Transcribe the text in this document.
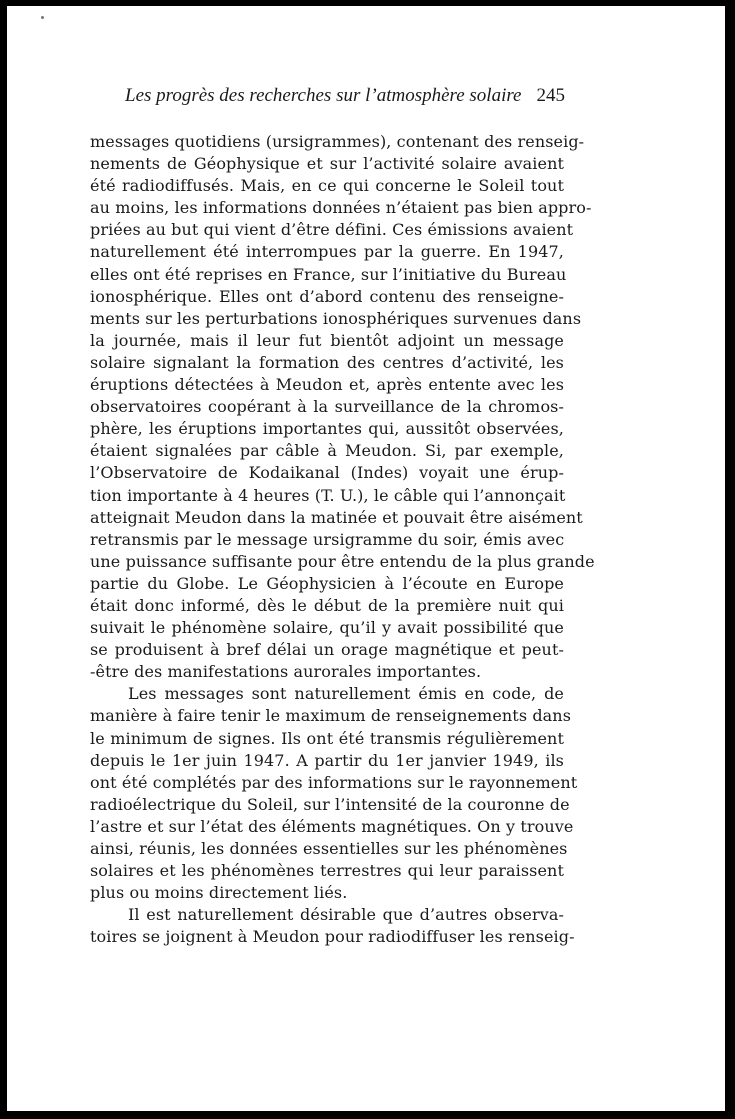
Les progrès des recherches sur l’atmosphère solaire 245
messages quotidiens (ursigrammes), contenant des renseig-
nements de Géophysique et sur l’activité solaire avaient
été radiodiffusés. Mais, en ce qui concerne le Soleil tout
au moins, les informations données n’étaient pas bien appro-
priées au but qui vient d’être défini. Ces émissions avaient
naturellement été interrompues par la guerre. En 1947,
elles ont été reprises en France, sur l’initiative du Bureau
ionosphérique. Elles ont d’abord contenu des renseigne-
ments sur les perturbations ionosphériques survenues dans
la journée, mais il leur fut bientôt adjoint un message
solaire signalant la formation des centres d’activité, les
éruptions détectées à Meudon et, après entente avec les
observatoires coopérant à la surveillance de la chromos-
phère, les éruptions importantes qui, aussitôt observées,
étaient signalées par câble à Meudon. Si, par exemple,
l’Observatoire de Kodaikanal (Indes) voyait une érup-
tion importante à 4 heures (T. U.), le câble qui l’annonçait
atteignait Meudon dans la matinée et pouvait être aisément
retransmis par le message ursigramme du soir, émis avec
une puissance suffisante pour être entendu de la plus grande
partie du Globe. Le Géophysicien à l’écoute en Europe
était donc informé, dès le début de la première nuit qui
suivait le phénomène solaire, qu’il y avait possibilité que
se produisent à bref délai un orage magnétique et peut-
-être des manifestations aurorales importantes.
Les messages sont naturellement émis en code, de
manière à faire tenir le maximum de renseignements dans
le minimum de signes. Ils ont été transmis régulièrement
depuis le 1er juin 1947. A partir du 1er janvier 1949, ils
ont été complétés par des informations sur le rayonnement
radioélectrique du Soleil, sur l’intensité de la couronne de
l’astre et sur l’état des éléments magnétiques. On y trouve
ainsi, réunis, les données essentielles sur les phénomènes
solaires et les phénomènes terrestres qui leur paraissent
plus ou moins directement liés.
Il est naturellement désirable que d’autres observa-
toires se joignent à Meudon pour radiodiffuser les renseig-
